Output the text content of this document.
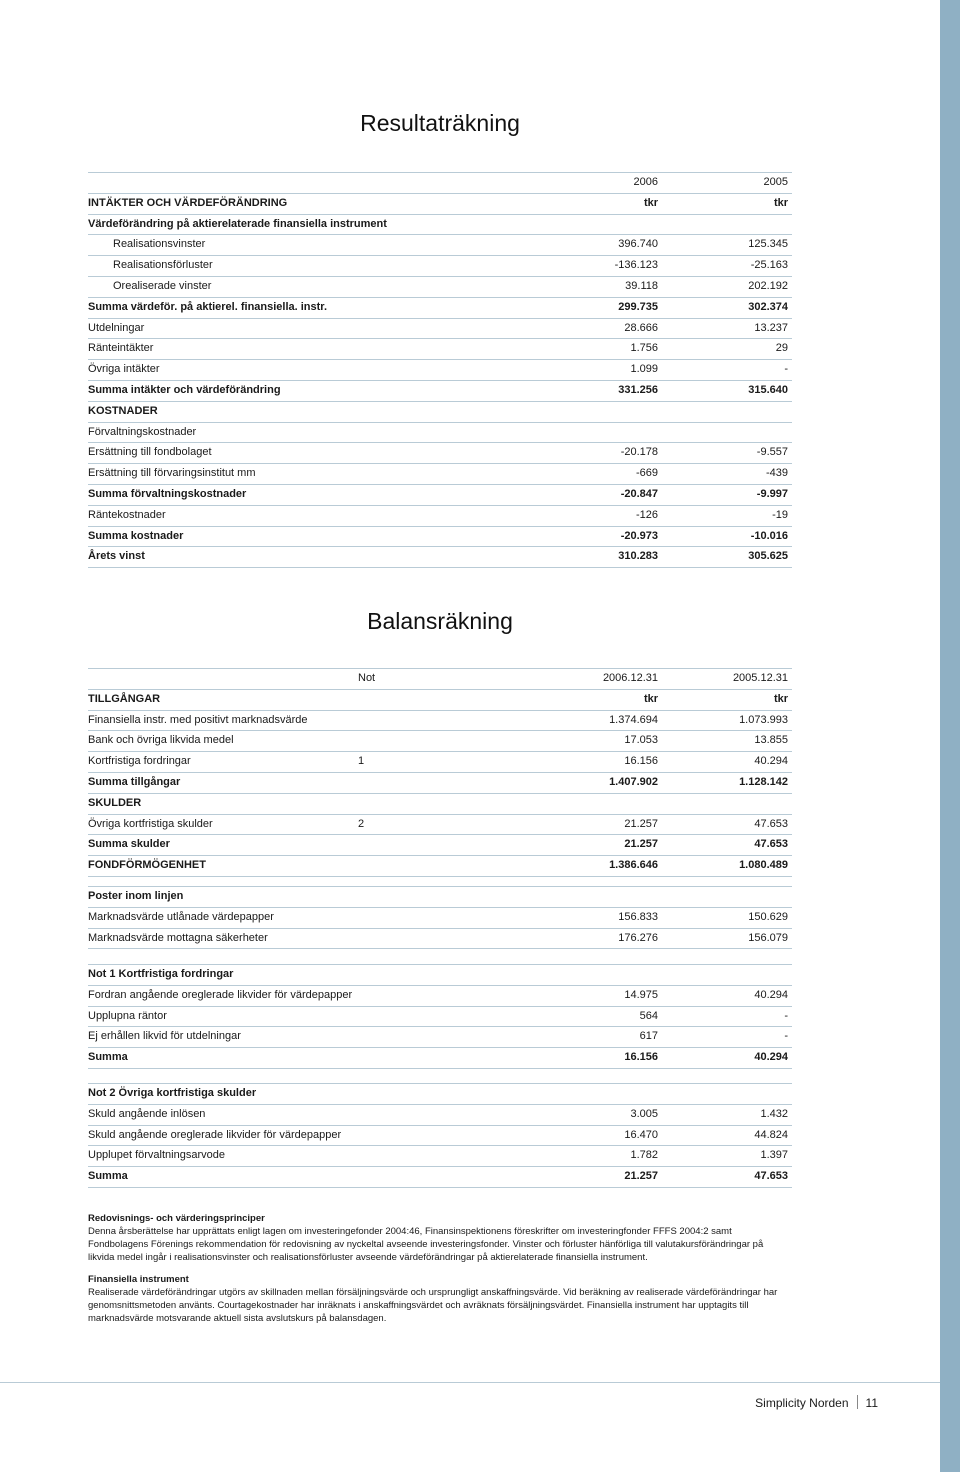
Resultaträkning
2006	2005
INTÄKTER OCH VÄRDEFÖRÄNDRING	tkr	tkr
Värdeförändring på aktierelaterade finansiella instrument
Realisationsvinster	396.740	125.345
Realisationsförluster	-136.123	-25.163
Orealiserade vinster	39.118	202.192
Summa värdeför. på aktierel. finansiella. instr.	299.735	302.374
Utdelningar	28.666	13.237
Ränteintäkter	1.756	29
Övriga intäkter	1.099	-
Summa intäkter och värdeförändring	331.256	315.640
KOSTNADER
Förvaltningskostnader
Ersättning till fondbolaget	-20.178	-9.557
Ersättning till förvaringsinstitut mm	-669	-439
Summa förvaltningskostnader	-20.847	-9.997
Räntekostnader	-126	-19
Summa kostnader	-20.973	-10.016
Årets vinst	310.283	305.625
Balansräkning
Not	2006.12.31	2005.12.31
TILLGÅNGAR	tkr	tkr
Finansiella instr. med positivt marknadsvärde	1.374.694	1.073.993
Bank och övriga likvida medel	17.053	13.855
Kortfristiga fordringar	1	16.156	40.294
Summa tillgångar	1.407.902	1.128.142
SKULDER
Övriga kortfristiga skulder	2	21.257	47.653
Summa skulder	21.257	47.653
FONDFÖRMÖGENHET	1.386.646	1.080.489
Poster inom linjen
Marknadsvärde utlånade värdepapper	156.833	150.629
Marknadsvärde mottagna säkerheter	176.276	156.079
Not 1 Kortfristiga fordringar
Fordran angående oreglerade likvider för värdepapper	14.975	40.294
Upplupna räntor	564	-
Ej erhållen likvid för utdelningar	617	-
Summa	16.156	40.294
Not 2 Övriga kortfristiga skulder
Skuld angående inlösen	3.005	1.432
Skuld angående oreglerade likvider för värdepapper	16.470	44.824
Upplupet förvaltningsarvode	1.782	1.397
Summa	21.257	47.653

Redovisnings- och värderingsprinciper

Denna årsberättelse har upprättats enligt lagen om investeringefonder 2004:46, Finansinspektionens föreskrifter om investeringfonder FFFS 2004:2 samt Fondbolagens Förenings rekommendation för redovisning av nyckeltal avseende investeringsfonder. Vinster och förluster hänförliga till valutakursförändringar på likvida medel ingår i realisationsvinster och realisationsförluster avseende värdeförändringar på aktierelaterade finansiella instrument.

Finansiella instrument

Realiserade värdeförändringar utgörs av skillnaden mellan försäljningsvärde och ursprungligt anskaffningsvärde. Vid beräkning av realiserade värdeförändringar har genomsnittsmetoden använts. Courtagekostnader har inräknats i anskaffningsvärdet och avräknats försäljningsvärdet. Finansiella instrument har upptagits till marknadsvärde motsvarande aktuell sista avslutskurs på balansdagen.

Simplicity Norden 11
